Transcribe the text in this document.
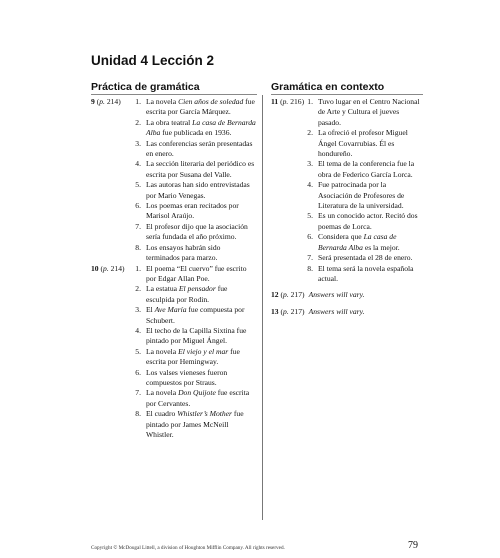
Unidad 4 Lección 2
Práctica de gramática	Gramática en contexto
9 (p. 214)	1. La novela Cien años de soledad fue escrita por García Márquez.
2. La obra teatral La casa de Bernarda Alba fue publicada en 1936.
3. Las conferencias serán presentadas en enero.
4. La sección literaria del periódico es escrita por Susana del Valle.
5. Las autoras han sido entrevistadas por Mario Venegas.
6. Los poemas eran recitados por Marisol Araújo.
7. El profesor dijo que la asociación sería fundada el año próximo.
8. Los ensayos habrán sido terminados para marzo.
10 (p. 214)	1. El poema “El cuervo” fue escrito por Edgar Allan Poe.
2. La estatua El pensador fue esculpida por Rodin.
3. El Ave María fue compuesta por Schubert.
4. El techo de la Capilla Sixtina fue pintado por Miguel Ángel.
5. La novela El viejo y el mar fue escrita por Hemingway.
6. Los valses vieneses fueron compuestos por Straus.
7. La novela Don Quijote fue escrita por Cervantes.
8. El cuadro Whistler’s Mother fue pintado por James McNeill Whistler.
11 (p. 216) 1. Tuvo lugar en el Centro Nacional de Arte y Cultura el jueves pasado.
2. La ofreció el profesor Miguel Ángel Covarrubias. Él es hondureño.
3. El tema de la conferencia fue la obra de Federico García Lorca.
4. Fue patrocinada por la Asociación de Profesores de Literatura de la universidad.
5. Es un conocido actor. Recitó dos poemas de Lorca.
6. Considera que La casa de Bernarda Alba es la mejor.
7. Será presentada el 28 de enero.
8. El tema será la novela española actual.
12 (p. 217) Answers will vary.
13 (p. 217) Answers will vary.
Copyright © McDougal Littell, a division of Houghton Mifflin Company. All rights reserved.	79
